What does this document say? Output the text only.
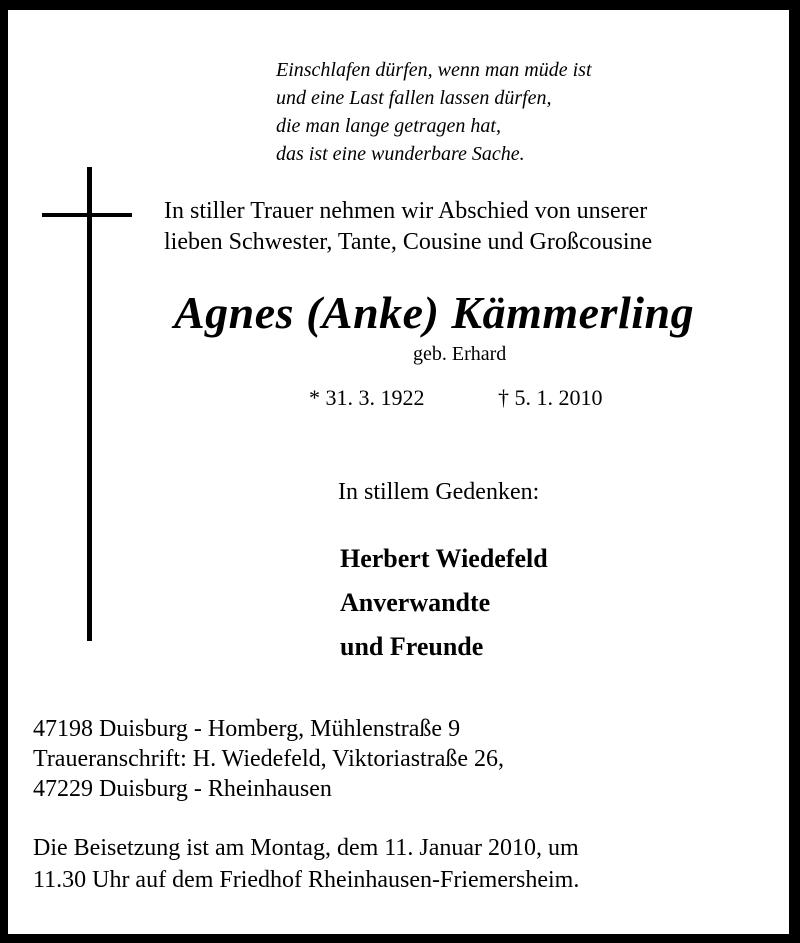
Einschlafen dürfen, wenn man müde ist
und eine Last fallen lassen dürfen,
die man lange getragen hat,
das ist eine wunderbare Sache.
In stiller Trauer nehmen wir Abschied von unserer
lieben Schwester, Tante, Cousine und Großcousine
Agnes (Anke) Kämmerling
geb. Erhard
* 31. 3. 1922	† 5. 1. 2010
In stillem Gedenken:
Herbert Wiedefeld
Anverwandte
und Freunde
47198 Duisburg - Homberg, Mühlenstraße 9
Traueranschrift: H. Wiedefeld, Viktoriastraße 26,
47229 Duisburg - Rheinhausen
Die Beisetzung ist am Montag, dem 11. Januar 2010, um
11.30 Uhr auf dem Friedhof Rheinhausen-Friemersheim.
